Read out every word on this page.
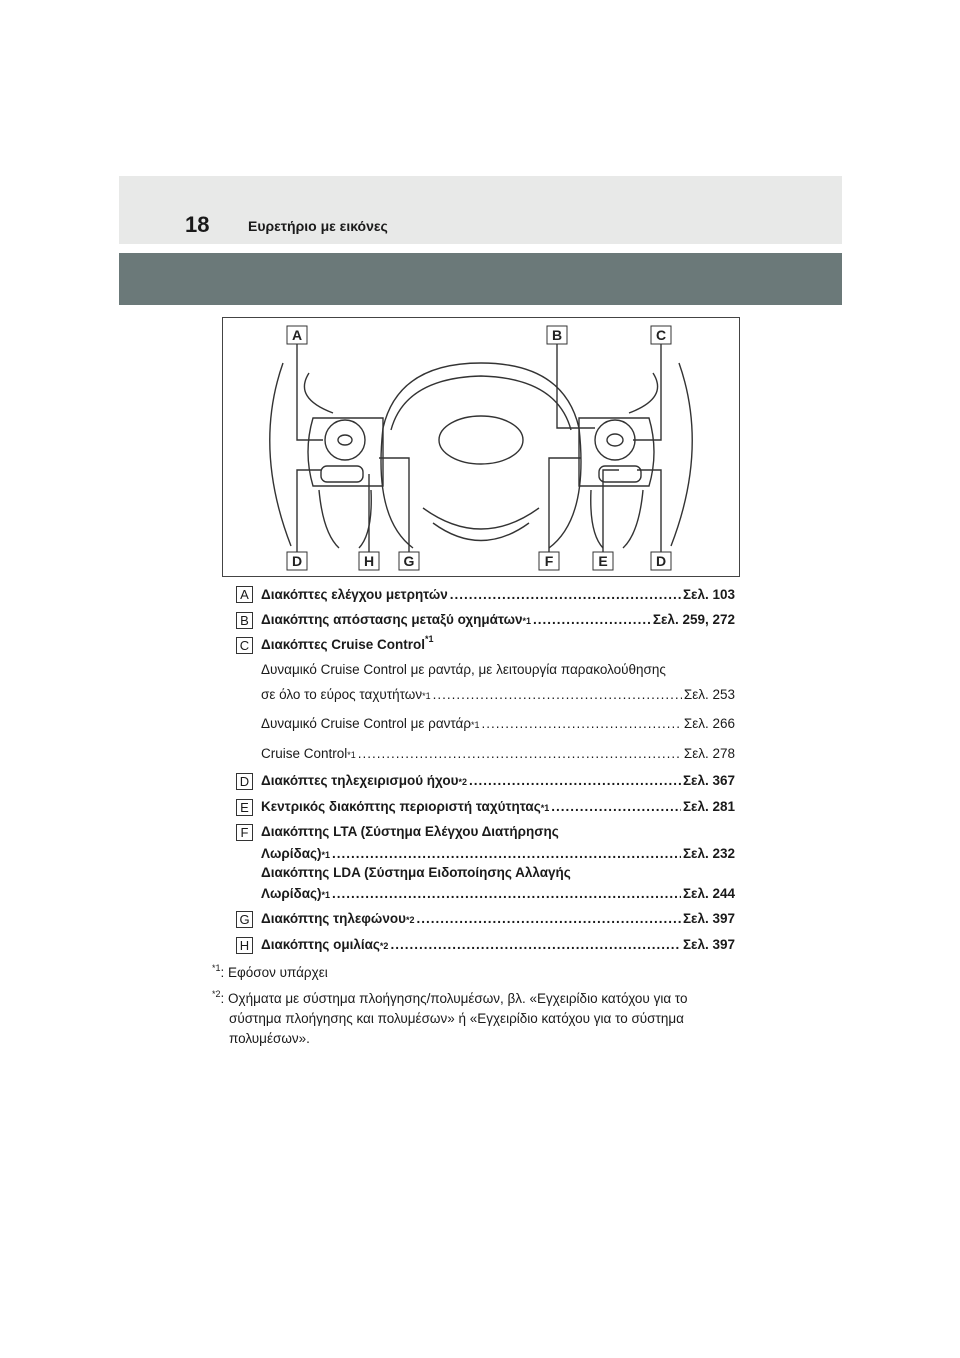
18	Ευρετήριο με εικόνες
A	B	C
D	H G	F	E	D
A Διακόπτες ελέγχου μετρητών .....	Σελ. 103
B Διακόπτης απόστασης μεταξύ οχημάτων *1 .....	Σελ. 259, 272
C Διακόπτες Cruise Control$^{*1}$
Δυναμικό Cruise Control με ραντάρ, με λειτουργία παρακολούθησης
σε όλο το εύρος ταχυτήτων *1 .....	Σελ. 253
Δυναμικό Cruise Control με ραντάρ *1 .....	Σελ. 266
Cruise Control *1 .....	Σελ. 278
D Διακόπτες τηλεχειρισμού ήχου *2 .....	Σελ. 367
E Κεντρικός διακόπτης περιοριστή ταχύτητας *1 .....	Σελ. 281
F Διακόπτης LTA (Σύστημα Ελέγχου Διατήρησης
Λωρίδας) *1 .....	Σελ. 232
Διακόπτης LDA (Σύστημα Ειδοποίησης Αλλαγής
Λωρίδας) *1 .....	Σελ. 244
G Διακόπτης τηλεφώνου *2 .....	Σελ. 397
H Διακόπτης ομιλίας *2 .....	Σελ. 397
$^{*1}$: Εφόσον υπάρχει
$^{*2}$: Οχήματα με σύστημα πλοήγησης/πολυμέσων, βλ. «Εγχειρίδιο κατόχου για το
σύστημα πλοήγησης και πολυμέσων» ή «Εγχειρίδιο κατόχου για το σύστημα
πολυμέσων».
